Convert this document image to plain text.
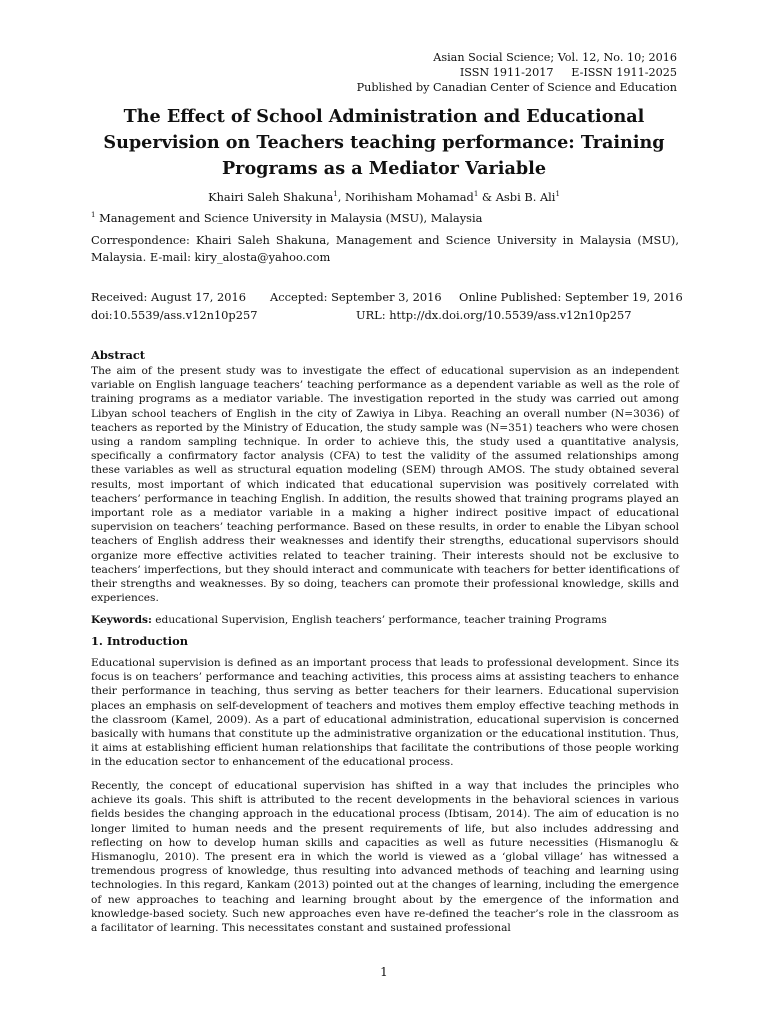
Asian Social Science; Vol. 12, No. 10; 2016
ISSN 1911-2017     E-ISSN 1911-2025
Published by Canadian Center of Science and Education
The Effect of School Administration and Educational Supervision on Teachers teaching performance: Training Programs as a Mediator Variable
Khairi Saleh Shakuna$^1$, Norihisham Mohamad$^1$ & Asbi B. Ali$^1$
$^1$ Management and Science University in Malaysia (MSU), Malaysia
Correspondence: Khairi Saleh Shakuna, Management and Science University in Malaysia (MSU), Malaysia. E-mail: kiry_alosta@yahoo.com
Received: August 17, 2016 Accepted: September 3, 2016 Online Published: September 19, 2016
doi:10.5539/ass.v12n10p257	URL: http://dx.doi.org/10.5539/ass.v12n10p257
Abstract
The aim of the present study was to investigate the effect of educational supervision as an independent variable on English language teachers’ teaching performance as a dependent variable as well as the role of training programs as a mediator variable. The investigation reported in the study was carried out among Libyan school teachers of English in the city of Zawiya in Libya. Reaching an overall number (N=3036) of teachers as reported by the Ministry of Education, the study sample was (N=351) teachers who were chosen using a random sampling technique. In order to achieve this, the study used a quantitative analysis, specifically a confirmatory factor analysis (CFA) to test the validity of the assumed relationships among these variables as well as structural equation modeling (SEM) through AMOS. The study obtained several results, most important of which indicated that educational supervision was positively correlated with teachers’ performance in teaching English. In addition, the results showed that training programs played an important role as a mediator variable in a making a higher indirect positive impact of educational supervision on teachers’ teaching performance. Based on these results, in order to enable the Libyan school teachers of English address their weaknesses and identify their strengths, educational supervisors should organize more effective activities related to teacher training. Their interests should not be exclusive to teachers’ imperfections, but they should interact and communicate with teachers for better identifications of their strengths and weaknesses. By so doing, teachers can promote their professional knowledge, skills and experiences.
Keywords: educational Supervision, English teachers’ performance, teacher training Programs
1. Introduction
Educational supervision is defined as an important process that leads to professional development. Since its focus is on teachers’ performance and teaching activities, this process aims at assisting teachers to enhance their performance in teaching, thus serving as better teachers for their learners. Educational supervision places an emphasis on self-development of teachers and motives them employ effective teaching methods in the classroom (Kamel, 2009). As a part of educational administration, educational supervision is concerned basically with humans that constitute up the administrative organization or the educational institution. Thus, it aims at establishing efficient human relationships that facilitate the contributions of those people working in the education sector to enhancement of the educational process.
Recently, the concept of educational supervision has shifted in a way that includes the principles who achieve its goals. This shift is attributed to the recent developments in the behavioral sciences in various fields besides the changing approach in the educational process (Ibtisam, 2014). The aim of education is no longer limited to human needs and the present requirements of life, but also includes addressing and reflecting on how to develop human skills and capacities as well as future necessities (Hismanoglu & Hismanoglu, 2010). The present era in which the world is viewed as a ‘global village’ has witnessed a tremendous progress of knowledge, thus resulting into advanced methods of teaching and learning using technologies. In this regard, Kankam (2013) pointed out at the changes of learning, including the emergence of new approaches to teaching and learning brought about by the emergence of the information and knowledge-based society. Such new approaches even have re-defined the teacher’s role in the classroom as a facilitator of learning. This necessitates constant and sustained professional
1
